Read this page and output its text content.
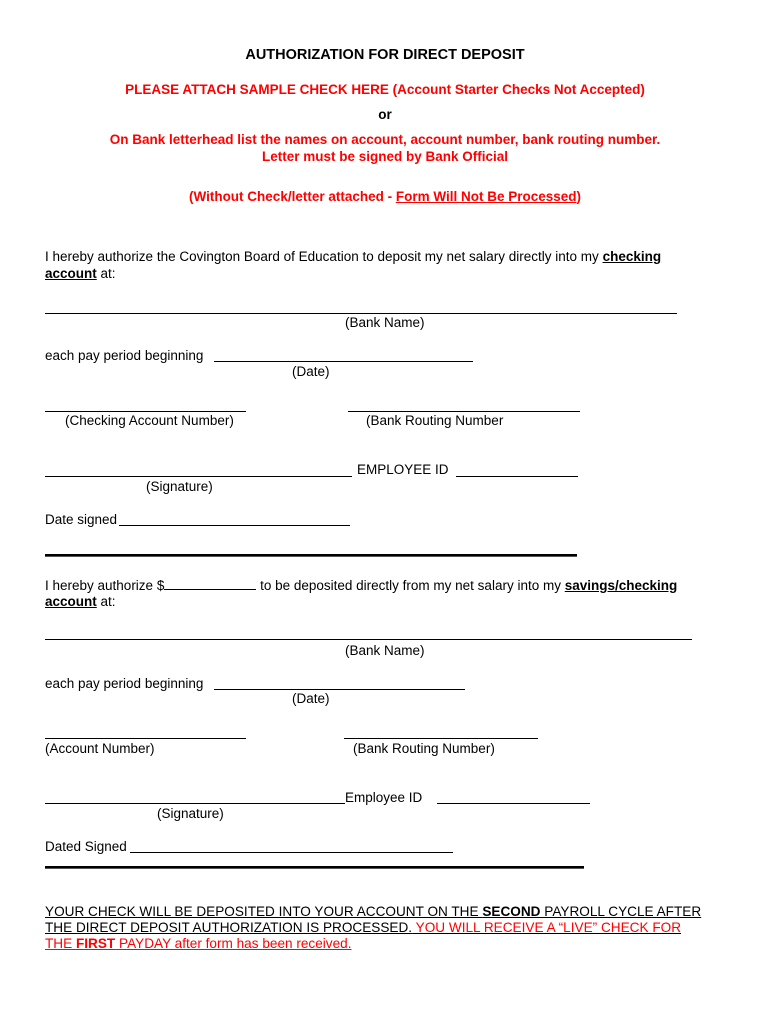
AUTHORIZATION FOR DIRECT DEPOSIT
PLEASE ATTACH SAMPLE CHECK HERE (Account Starter Checks Not Accepted)
or
On Bank letterhead list the names on account, account number, bank routing number.
Letter must be signed by Bank Official
(Without Check/letter attached - Form Will Not Be Processed)
I hereby authorize the Covington Board of Education to deposit my net salary directly into my checking
account at:
(Bank Name)
each pay period beginning
(Date)
(Checking Account Number)	(Bank Routing Number
EMPLOYEE ID
(Signature)
Date signed
I hereby authorize $	to be deposited directly from my net salary into my savings/checking
account at:
(Bank Name)
each pay period beginning
(Date)
(Account Number)	(Bank Routing Number)
Employee ID
(Signature)
Dated Signed
YOUR CHECK WILL BE DEPOSITED INTO YOUR ACCOUNT ON THE SECOND PAYROLL CYCLE AFTER
THE DIRECT DEPOSIT AUTHORIZATION IS PROCESSED. YOU WILL RECEIVE A “LIVE” CHECK FOR
THE FIRST PAYDAY after form has been received.
